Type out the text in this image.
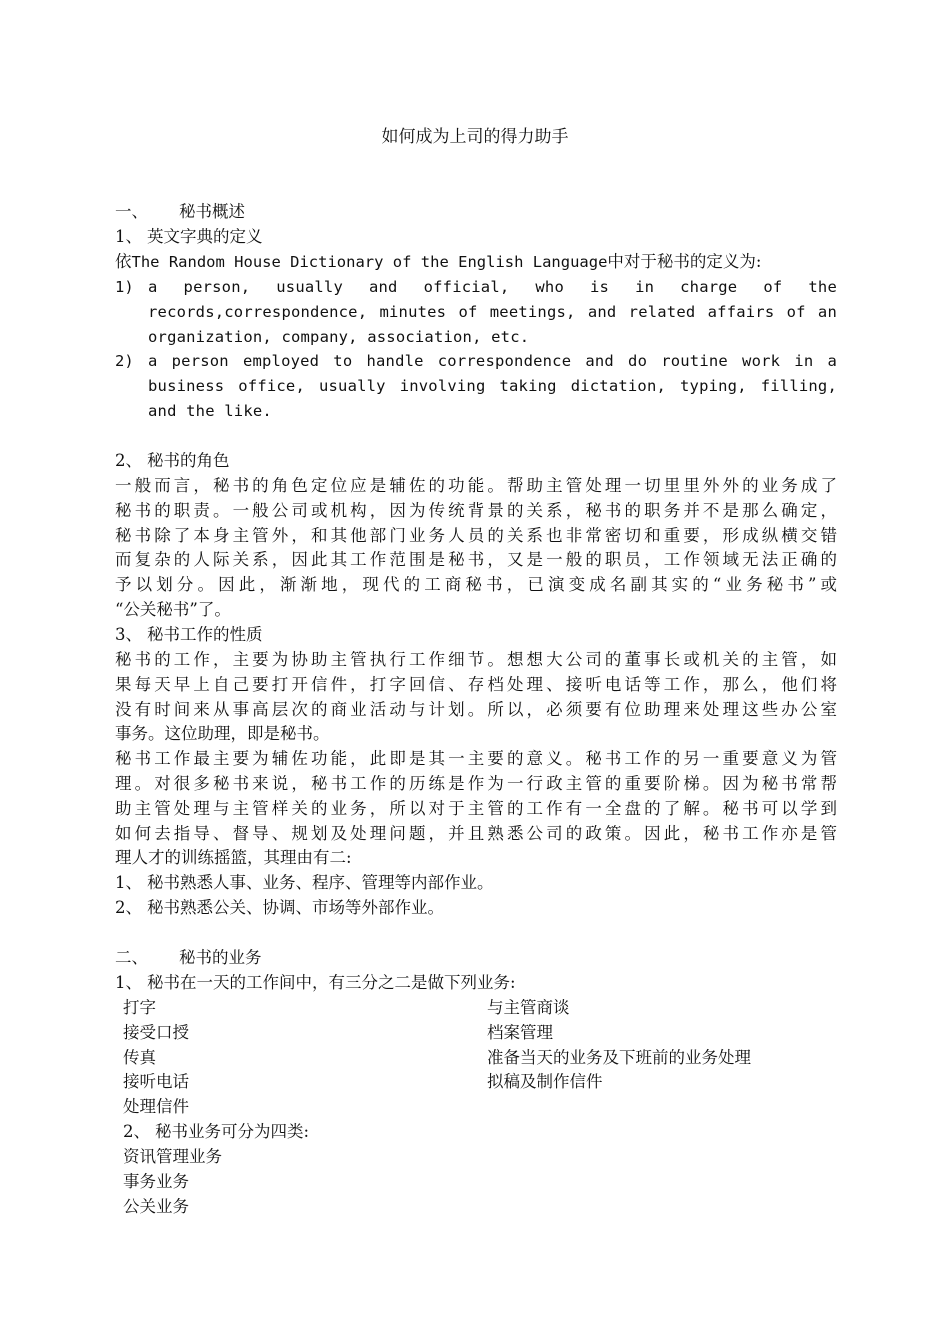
如何成为上司的得力助手
一、 秘书概述
1、 英文字典的定义
依The Random House Dictionary of the English Language中对于秘书的定义为:
1) a person, usually and official, who is in charge of the records,correspondence, minutes of meetings, and related affairs of an organization, company, association, etc.
2) a person employed to handle correspondence and do routine work in a business office, usually involving taking dictation, typing, filling, and the like.
2、 秘书的角色
一般而言，秘书的角色定位应是辅佐的功能。帮助主管处理一切里里外外的业务成了
秘书的职责。一般公司或机构，因为传统背景的关系，秘书的职务并不是那么确定，
秘书除了本身主管外，和其他部门业务人员的关系也非常密切和重要，形成纵横交错
而复杂的人际关系，因此其工作范围是秘书，又是一般的职员，工作领域无法正确的
予以划分。因此，渐渐地，现代的工商秘书，已演变成名副其实的“业务秘书”或
“公关秘书”了。
3、 秘书工作的性质
秘书的工作，主要为协助主管执行工作细节。想想大公司的董事长或机关的主管，如
果每天早上自己要打开信件，打字回信、存档处理、接听电话等工作，那么，他们将
没有时间来从事高层次的商业活动与计划。所以，必须要有位助理来处理这些办公室
事务。这位助理，即是秘书。
秘书工作最主要为辅佐功能，此即是其一主要的意义。秘书工作的另一重要意义为管
理。对很多秘书来说，秘书工作的历练是作为一行政主管的重要阶梯。因为秘书常帮
助主管处理与主管样关的业务，所以对于主管的工作有一全盘的了解。秘书可以学到
如何去指导、督导、规划及处理问题，并且熟悉公司的政策。因此，秘书工作亦是管
理人才的训练摇篮，其理由有二:
1、 秘书熟悉人事、业务、程序、管理等内部作业。
2、 秘书熟悉公关、协调、市场等外部作业。
二、 秘书的业务
1、 秘书在一天的工作间中，有三分之二是做下列业务:
打字
接受口授
传真
接听电话
处理信件
与主管商谈
档案管理
准备当天的业务及下班前的业务处理
拟稿及制作信件
2、 秘书业务可分为四类:
资讯管理业务
事务业务
公关业务
